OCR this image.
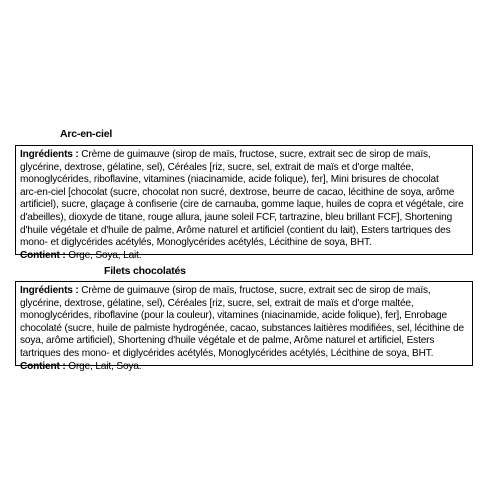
Arc-en-ciel
Ingrédients : Crème de guimauve (sirop de maïs, fructose, sucre, extrait sec de sirop de maïs,
glycérine, dextrose, gélatine, sel), Céréales [riz, sucre, sel, extrait de maïs et d'orge maltée,
monoglycérides, riboflavine, vitamines (niacinamide, acide folique), fer], Mini brisures de chocolat
arc-en-ciel [chocolat (sucre, chocolat non sucré, dextrose, beurre de cacao, lécithine de soya, arôme
artificiel), sucre, glaçage à confiserie (cire de carnauba, gomme laque, huiles de copra et végétale, cire
d'abeilles), dioxyde de titane, rouge allura, jaune soleil FCF, tartrazine, bleu brillant FCF], Shortening
d'huile végétale et d'huile de palme, Arôme naturel et artificiel (contient du lait), Esters tartriques des
mono- et diglycérides acétylés, Monoglycérides acétylés, Lécithine de soya, BHT.
Contient : Orge, Soya, Lait.
Filets chocolatés
Ingrédients : Crème de guimauve (sirop de maïs, fructose, sucre, extrait sec de sirop de maïs,
glycérine, dextrose, gélatine, sel), Céréales [riz, sucre, sel, extrait de maïs et d'orge maltée,
monoglycérides, riboflavine (pour la couleur), vitamines (niacinamide, acide folique), fer], Enrobage
chocolaté (sucre, huile de palmiste hydrogénée, cacao, substances laitières modifiées, sel, lécithine de
soya, arôme artificiel), Shortening d'huile végétale et de palme, Arôme naturel et artificiel, Esters
tartriques des mono- et diglycérides acétylés, Monoglycérides acétylés, Lécithine de soya, BHT.
Contient : Orge, Lait, Soya.
